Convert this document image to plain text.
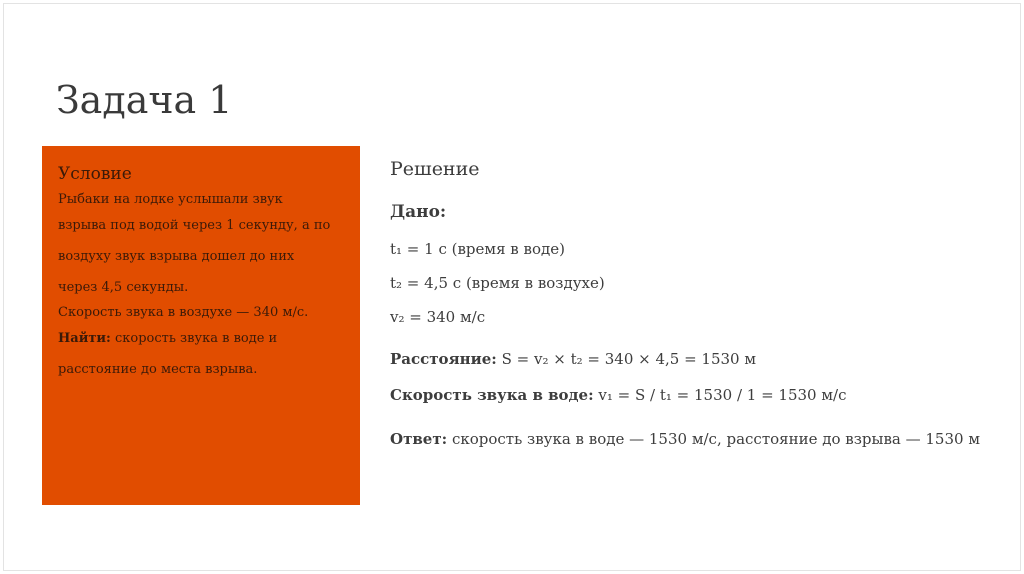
Задача 1
Условие

Рыбаки на лодке услышали звук

взрыва под водой через 1 секунду, а по

воздуху звук взрыва дошел до них

через 4,5 секунды.

Скорость звука в воздухе — 340 м/с.

Найти: скорость звука в воде и

расстояние до места взрыва.

Решение
Дано:
t₁ = 1 с (время в воде)
t₂ = 4,5 с (время в воздухе)
v₂ = 340 м/с
Расстояние: S = v₂ × t₂ = 340 × 4,5 = 1530 м
Скорость звука в воде: v₁ = S / t₁ = 1530 / 1 = 1530 м/с
Ответ: скорость звука в воде — 1530 м/с, расстояние до взрыва — 1530 м
